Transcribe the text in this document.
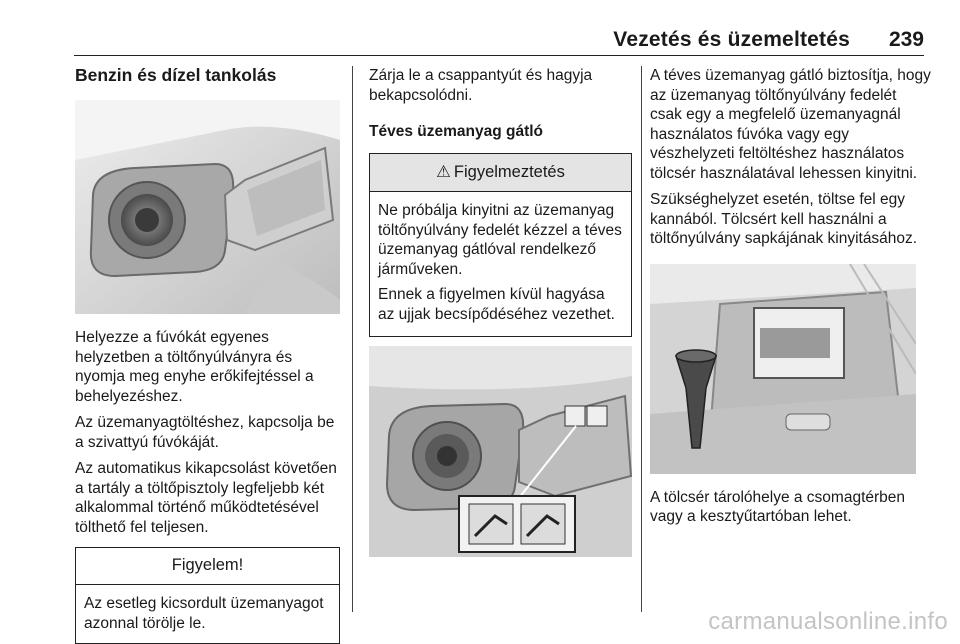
Vezetés és üzemeltetés 239
Benzin és dízel tankolás

Helyezze a fúvókát egyenes helyzetben a töltőnyúlványra és nyomja meg enyhe erőkifejtéssel a behelyezéshez.

Az üzemanyagtöltéshez, kapcsolja be a szivattyú fúvókáját.

Az automatikus kikapcsolást követően a tartály a töltőpisztoly legfeljebb két alkalommal történő működtetésével tölthető fel teljesen.

Figyelem!

Az esetleg kicsordult üzemanyagot azonnal törölje le.

Zárja le a csappantyút és hagyja bekapcsolódni.

Téves üzemanyag gátló
⚠ Figyelmeztetés

Ne próbálja kinyitni az üzemanyag töltőnyúlvány fedelét kézzel a téves üzemanyag gátlóval rendelkező járműveken.

Ennek a figyelmen kívül hagyása az ujjak becsípődéséhez vezethet.

A téves üzemanyag gátló biztosítja, hogy az üzemanyag töltőnyúlvány fedelét csak egy a megfelelő üzemanyagnál használatos fúvóka vagy egy vészhelyzeti feltöltéshez használatos tölcsér használatával lehessen kinyitni.

Szükséghelyzet esetén, töltse fel egy kannából. Tölcsért kell használni a töltőnyúlvány sapkájának kinyitásához.

A tölcsér tárolóhelye a csomagtérben vagy a kesztyűtartóban lehet.

carmanualsonline.info
